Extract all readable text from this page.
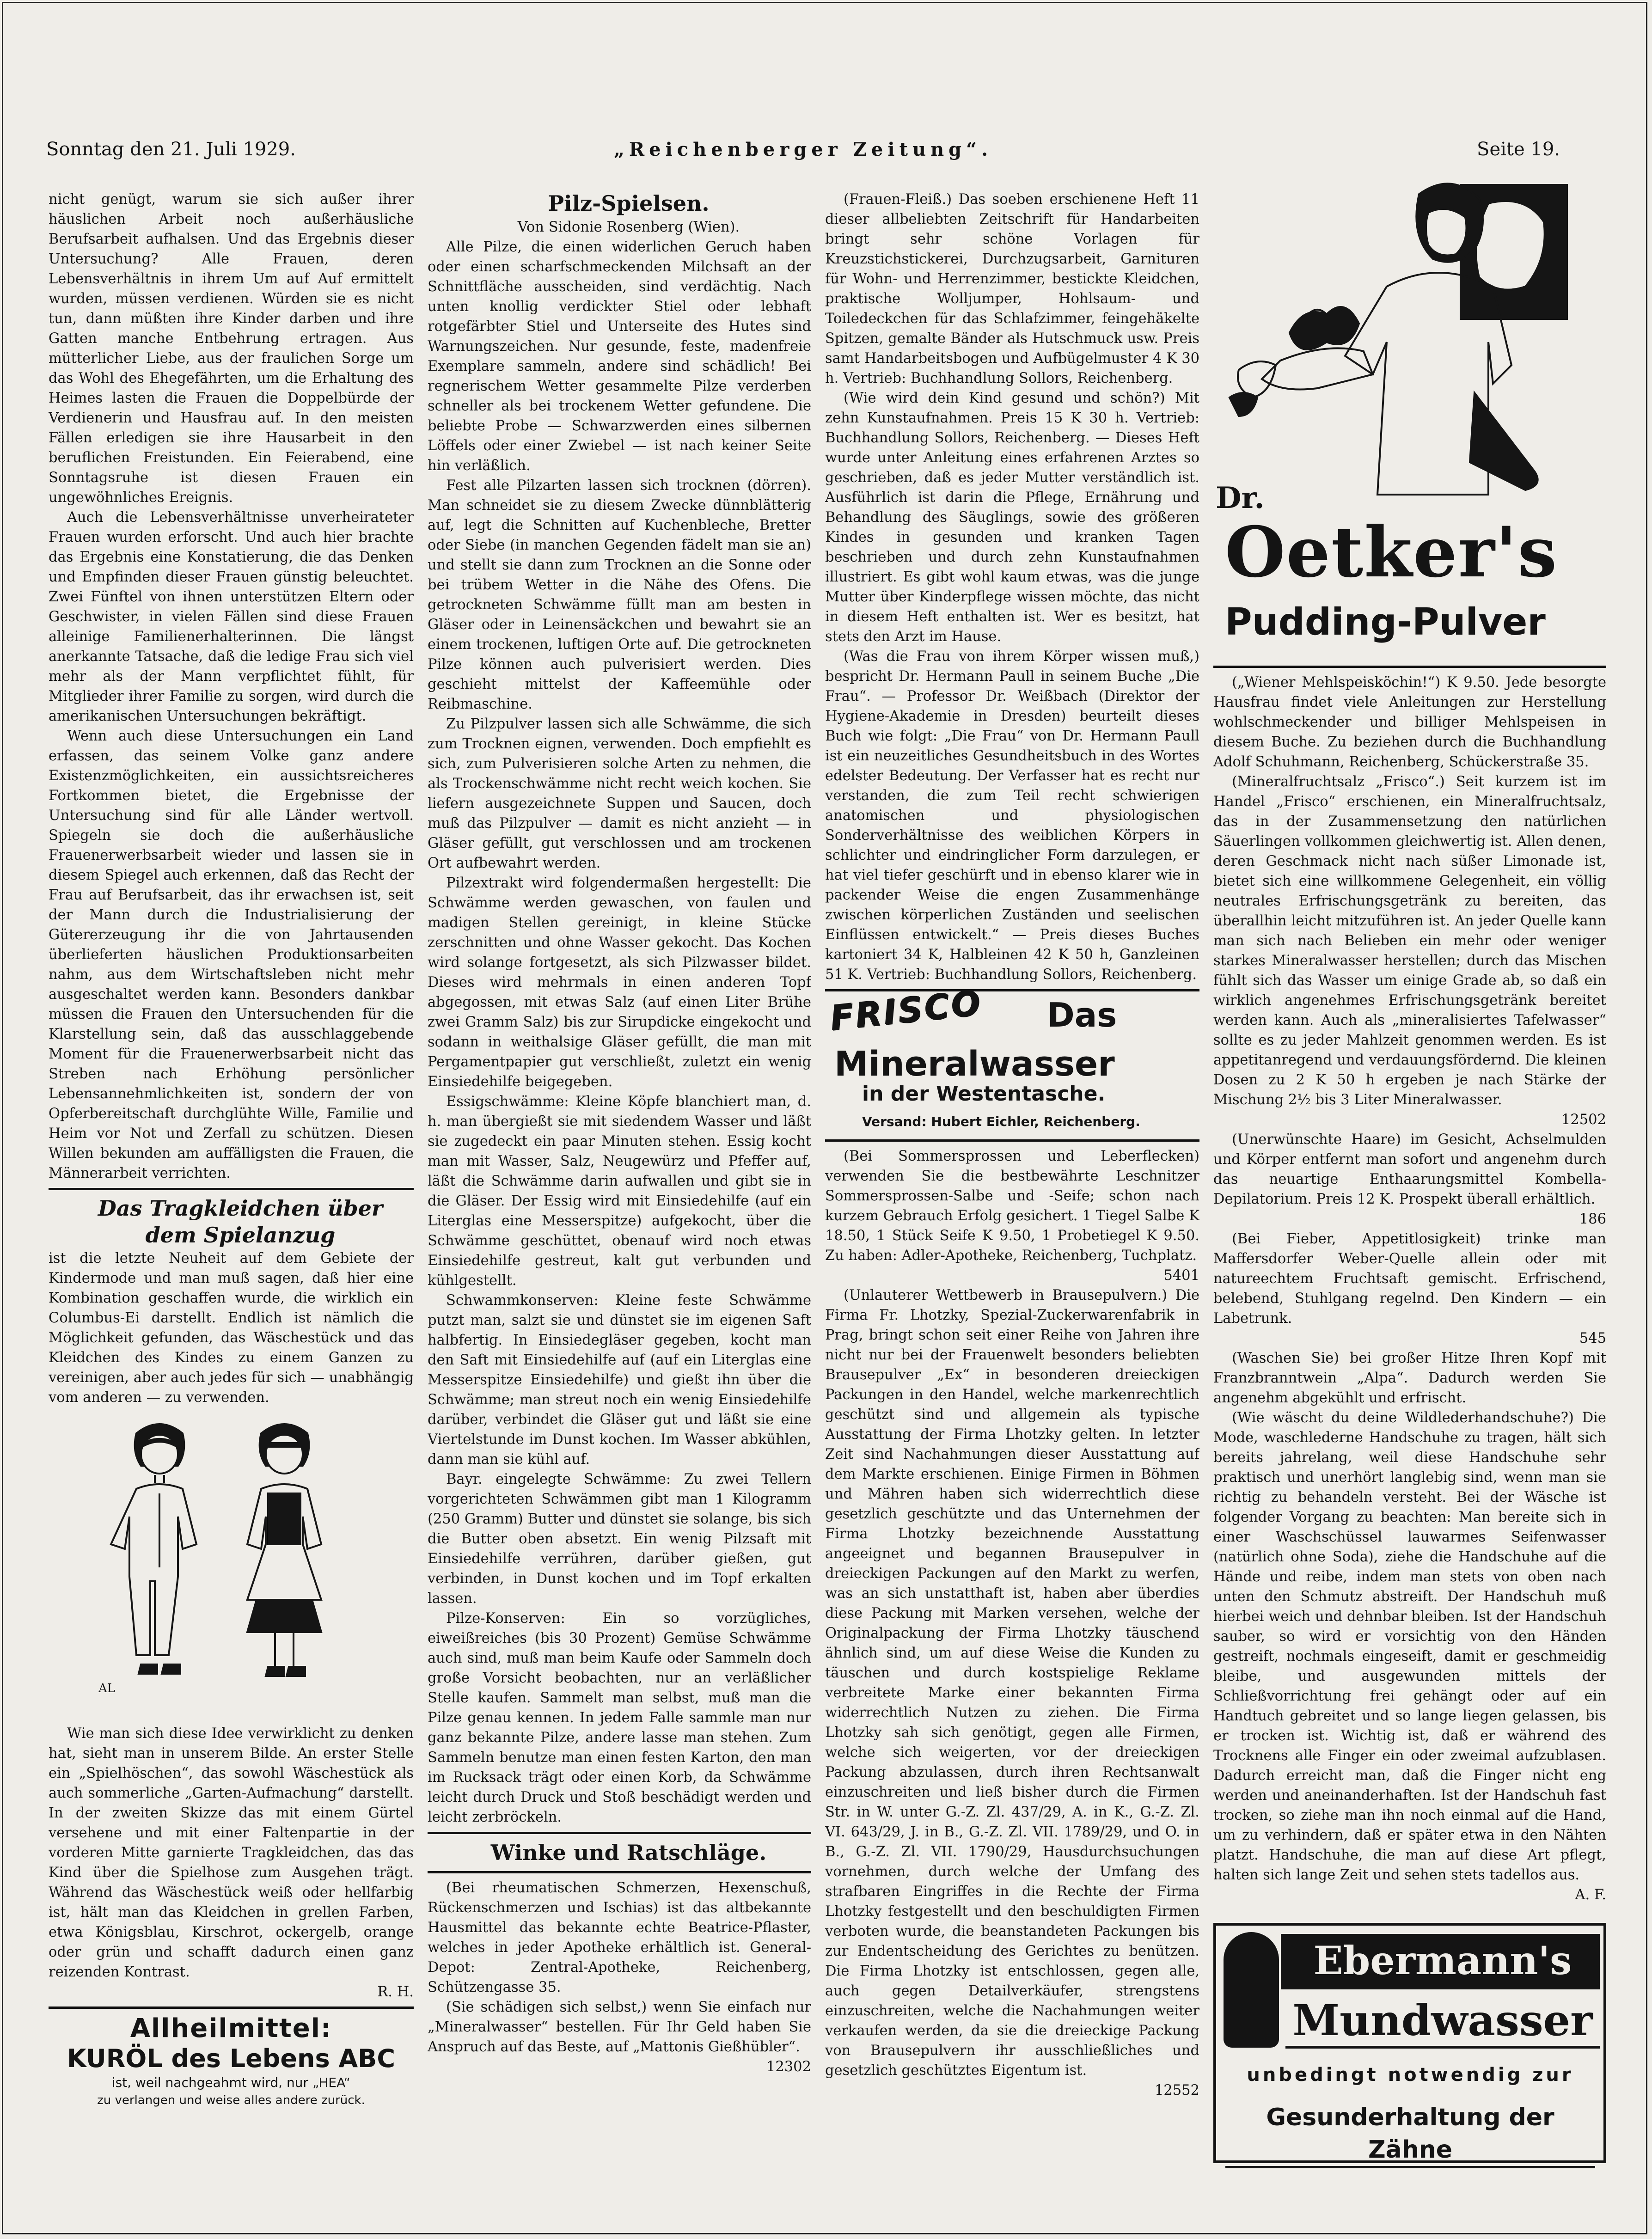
Sonntag den 21. Juli 1929.	„Reichenberger Zeitung“.	Seite 19.

nicht genügt, warum sie sich außer ihrer häuslichen Arbeit noch außerhäusliche Berufsarbeit aufhalsen. Und das Ergebnis dieser Untersuchung? Alle Frauen, deren Lebensverhältnis in ihrem Um auf Auf ermittelt wurden, müssen verdienen. Würden sie es nicht tun, dann müßten ihre Kinder darben und ihre Gatten manche Entbehrung ertragen. Aus mütterlicher Liebe, aus der fraulichen Sorge um das Wohl des Ehegefährten, um die Erhaltung des Heimes lasten die Frauen die Doppelbürde der Verdienerin und Hausfrau auf. In den meisten Fällen erledigen sie ihre Hausarbeit in den beruflichen Freistunden. Ein Feierabend, eine Sonntagsruhe ist diesen Frauen ein ungewöhnliches Ereignis.

Auch die Lebensverhältnisse unverheirateter Frauen wurden erforscht. Und auch hier brachte das Ergebnis eine Konstatierung, die das Denken und Empfinden dieser Frauen günstig beleuchtet. Zwei Fünftel von ihnen unterstützen Eltern oder Geschwister, in vielen Fällen sind diese Frauen alleinige Familienerhalterinnen. Die längst anerkannte Tatsache, daß die ledige Frau sich viel mehr als der Mann verpflichtet fühlt, für Mitglieder ihrer Familie zu sorgen, wird durch die amerikanischen Untersuchungen bekräftigt.

Wenn auch diese Untersuchungen ein Land erfassen, das seinem Volke ganz andere Existenzmöglichkeiten, ein aussichtsreicheres Fortkommen bietet, die Ergebnisse der Untersuchung sind für alle Länder wertvoll. Spiegeln sie doch die außerhäusliche Frauenerwerbsarbeit wieder und lassen sie in diesem Spiegel auch erkennen, daß das Recht der Frau auf Berufsarbeit, das ihr erwachsen ist, seit der Mann durch die Industrialisierung der Gütererzeugung ihr die von Jahrtausenden überlieferten häuslichen Produktionsarbeiten nahm, aus dem Wirtschaftsleben nicht mehr ausgeschaltet werden kann. Besonders dankbar müssen die Frauen den Untersuchenden für die Klarstellung sein, daß das ausschlaggebende Moment für die Frauenerwerbsarbeit nicht das Streben nach Erhöhung persönlicher Lebensannehmlichkeiten ist, sondern der von Opferbereitschaft durchglühte Wille, Familie und Heim vor Not und Zerfall zu schützen. Diesen Willen bekunden am auffälligsten die Frauen, die Männerarbeit verrichten.

Das Tragkleidchen über

dem Spielanzug

ist die letzte Neuheit auf dem Gebiete der Kindermode und man muß sagen, daß hier eine Kombination geschaffen wurde, die wirklich ein Columbus-Ei darstellt. Endlich ist nämlich die Möglichkeit gefunden, das Wäschestück und das Kleidchen des Kindes zu einem Ganzen zu vereinigen, aber auch jedes für sich — unabhängig vom anderen — zu verwenden.

AL

Wie man sich diese Idee verwirklicht zu denken hat, sieht man in unserem Bilde. An erster Stelle ein „Spielhöschen“, das sowohl Wäschestück als auch sommerliche „Garten-Aufmachung“ darstellt. In der zweiten Skizze das mit einem Gürtel versehene und mit einer Faltenpartie in der vorderen Mitte garnierte Tragkleidchen, das das Kind über die Spielhose zum Ausgehen trägt. Während das Wäschestück weiß oder hellfarbig ist, hält man das Kleidchen in grellen Farben, etwa Königsblau, Kirschrot, ockergelb, orange oder grün und schafft dadurch einen ganz reizenden Kontrast.

R. H.

Allheilmittel:
KURÖL des Lebens ABC
ist, weil nachgeahmt wird, nur „HEA“
zu verlangen und weise alles andere zurück.

Pilz-Spielsen.

Von Sidonie Rosenberg (Wien).

Alle Pilze, die einen widerlichen Geruch haben oder einen scharfschmeckenden Milchsaft an der Schnittfläche ausscheiden, sind verdächtig. Nach unten knollig verdickter Stiel oder lebhaft rotgefärbter Stiel und Unterseite des Hutes sind Warnungszeichen. Nur gesunde, feste, madenfreie Exemplare sammeln, andere sind schädlich! Bei regnerischem Wetter gesammelte Pilze verderben schneller als bei trockenem Wetter gefundene. Die beliebte Probe — Schwarzwerden eines silbernen Löffels oder einer Zwiebel — ist nach keiner Seite hin verläßlich.

Fest alle Pilzarten lassen sich trocknen (dörren). Man schneidet sie zu diesem Zwecke dünnblätterig auf, legt die Schnitten auf Kuchenbleche, Bretter oder Siebe (in manchen Gegenden fädelt man sie an) und stellt sie dann zum Trocknen an die Sonne oder bei trübem Wetter in die Nähe des Ofens. Die getrockneten Schwämme füllt man am besten in Gläser oder in Leinensäckchen und bewahrt sie an einem trockenen, luftigen Orte auf. Die getrockneten Pilze können auch pulverisiert werden. Dies geschieht mittelst der Kaffeemühle oder Reibmaschine.

Zu Pilzpulver lassen sich alle Schwämme, die sich zum Trocknen eignen, verwenden. Doch empfiehlt es sich, zum Pulverisieren solche Arten zu nehmen, die als Trockenschwämme nicht recht weich kochen. Sie liefern ausgezeichnete Suppen und Saucen, doch muß das Pilzpulver — damit es nicht anzieht — in Gläser gefüllt, gut verschlossen und am trockenen Ort aufbewahrt werden.

Pilzextrakt wird folgendermaßen hergestellt: Die Schwämme werden gewaschen, von faulen und madigen Stellen gereinigt, in kleine Stücke zerschnitten und ohne Wasser gekocht. Das Kochen wird solange fortgesetzt, als sich Pilzwasser bildet. Dieses wird mehrmals in einen anderen Topf abgegossen, mit etwas Salz (auf einen Liter Brühe zwei Gramm Salz) bis zur Sirupdicke eingekocht und sodann in weithalsige Gläser gefüllt, die man mit Pergamentpapier gut verschließt, zuletzt ein wenig Einsiedehilfe beigegeben.

Essigschwämme: Kleine Köpfe blanchiert man, d. h. man übergießt sie mit siedendem Wasser und läßt sie zugedeckt ein paar Minuten stehen. Essig kocht man mit Wasser, Salz, Neugewürz und Pfeffer auf, läßt die Schwämme darin aufwallen und gibt sie in die Gläser. Der Essig wird mit Einsiedehilfe (auf ein Literglas eine Messerspitze) aufgekocht, über die Schwämme geschüttet, obenauf wird noch etwas Einsiedehilfe gestreut, kalt gut verbunden und kühlgestellt.

Schwammkonserven: Kleine feste Schwämme putzt man, salzt sie und dünstet sie im eigenen Saft halbfertig. In Einsiedegläser gegeben, kocht man den Saft mit Einsiedehilfe auf (auf ein Literglas eine Messerspitze Einsiedehilfe) und gießt ihn über die Schwämme; man streut noch ein wenig Einsiedehilfe darüber, verbindet die Gläser gut und läßt sie eine Viertelstunde im Dunst kochen. Im Wasser abkühlen, dann man sie kühl auf.

Bayr. eingelegte Schwämme: Zu zwei Tellern vorgerichteten Schwämmen gibt man 1 Kilogramm (250 Gramm) Butter und dünstet sie solange, bis sich die Butter oben absetzt. Ein wenig Pilzsaft mit Einsiedehilfe verrühren, darüber gießen, gut verbinden, in Dunst kochen und im Topf erkalten lassen.

Pilze-Konserven: Ein so vorzügliches, eiweißreiches (bis 30 Prozent) Gemüse Schwämme auch sind, muß man beim Kaufe oder Sammeln doch große Vorsicht beobachten, nur an verläßlicher Stelle kaufen. Sammelt man selbst, muß man die Pilze genau kennen. In jedem Falle sammle man nur ganz bekannte Pilze, andere lasse man stehen. Zum Sammeln benutze man einen festen Karton, den man im Rucksack trägt oder einen Korb, da Schwämme leicht durch Druck und Stoß beschädigt werden und leicht zerbröckeln.

Winke und Ratschläge.

(Bei rheumatischen Schmerzen, Hexenschuß, Rückenschmerzen und Ischias) ist das altbekannte Hausmittel das bekannte echte Beatrice-Pflaster, welches in jeder Apotheke erhältlich ist. General-Depot: Zentral-Apotheke, Reichenberg, Schützengasse 35.

(Sie schädigen sich selbst,) wenn Sie einfach nur „Mineralwasser“ bestellen. Für Ihr Geld haben Sie Anspruch auf das Beste, auf „Mattonis Gießhübler“.

12302

(Frauen-Fleiß.) Das soeben erschienene Heft 11 dieser allbeliebten Zeitschrift für Handarbeiten bringt sehr schöne Vorlagen für Kreuzstichstickerei, Durchzugsarbeit, Garnituren für Wohn- und Herrenzimmer, bestickte Kleidchen, praktische Wolljumper, Hohlsaum- und Toiledeckchen für das Schlafzimmer, feingehäkelte Spitzen, gemalte Bänder als Hutschmuck usw. Preis samt Handarbeitsbogen und Aufbügelmuster 4 K 30 h. Vertrieb: Buchhandlung Sollors, Reichenberg.

(Wie wird dein Kind gesund und schön?) Mit zehn Kunstaufnahmen. Preis 15 K 30 h. Vertrieb: Buchhandlung Sollors, Reichenberg. — Dieses Heft wurde unter Anleitung eines erfahrenen Arztes so geschrieben, daß es jeder Mutter verständlich ist. Ausführlich ist darin die Pflege, Ernährung und Behandlung des Säuglings, sowie des größeren Kindes in gesunden und kranken Tagen beschrieben und durch zehn Kunstaufnahmen illustriert. Es gibt wohl kaum etwas, was die junge Mutter über Kinderpflege wissen möchte, das nicht in diesem Heft enthalten ist. Wer es besitzt, hat stets den Arzt im Hause.

(Was die Frau von ihrem Körper wissen muß,) bespricht Dr. Hermann Paull in seinem Buche „Die Frau“. — Professor Dr. Weißbach (Direktor der Hygiene-Akademie in Dresden) beurteilt dieses Buch wie folgt: „Die Frau“ von Dr. Hermann Paull ist ein neuzeitliches Gesundheitsbuch in des Wortes edelster Bedeutung. Der Verfasser hat es recht nur verstanden, die zum Teil recht schwierigen anatomischen und physiologischen Sonderverhältnisse des weiblichen Körpers in schlichter und eindringlicher Form darzulegen, er hat viel tiefer geschürft und in ebenso klarer wie in packender Weise die engen Zusammenhänge zwischen körperlichen Zuständen und seelischen Einflüssen entwickelt.“ — Preis dieses Buches kartoniert 34 K, Halbleinen 42 K 50 h, Ganzleinen 51 K. Vertrieb: Buchhandlung Sollors, Reichenberg.

FRISCO Das
Mineralwasser
in der Westentasche.
Versand: Hubert Eichler, Reichenberg.

(Bei Sommersprossen und Leberflecken) verwenden Sie die bestbewährte Leschnitzer Sommersprossen-Salbe und -Seife; schon nach kurzem Gebrauch Erfolg gesichert. 1 Tiegel Salbe K 18.50, 1 Stück Seife K 9.50, 1 Probetiegel K 9.50. Zu haben: Adler-Apotheke, Reichenberg, Tuchplatz.

5401

(Unlauterer Wettbewerb in Brausepulvern.) Die Firma Fr. Lhotzky, Spezial-Zuckerwarenfabrik in Prag, bringt schon seit einer Reihe von Jahren ihre nicht nur bei der Frauenwelt besonders beliebten Brausepulver „Ex“ in besonderen dreieckigen Packungen in den Handel, welche markenrechtlich geschützt sind und allgemein als typische Ausstattung der Firma Lhotzky gelten. In letzter Zeit sind Nachahmungen dieser Ausstattung auf dem Markte erschienen. Einige Firmen in Böhmen und Mähren haben sich widerrechtlich diese gesetzlich geschützte und das Unternehmen der Firma Lhotzky bezeichnende Ausstattung angeeignet und begannen Brausepulver in dreieckigen Packungen auf den Markt zu werfen, was an sich unstatthaft ist, haben aber überdies diese Packung mit Marken versehen, welche der Originalpackung der Firma Lhotzky täuschend ähnlich sind, um auf diese Weise die Kunden zu täuschen und durch kostspielige Reklame verbreitete Marke einer bekannten Firma widerrechtlich Nutzen zu ziehen. Die Firma Lhotzky sah sich genötigt, gegen alle Firmen, welche sich weigerten, vor der dreieckigen Packung abzulassen, durch ihren Rechtsanwalt einzuschreiten und ließ bisher durch die Firmen Str. in W. unter G.-Z. Zl. 437/29, A. in K., G.-Z. Zl. VI. 643/29, J. in B., G.-Z. Zl. VII. 1789/29, und O. in B., G.-Z. Zl. VII. 1790/29, Hausdurchsuchungen vornehmen, durch welche der Umfang des strafbaren Eingriffes in die Rechte der Firma Lhotzky festgestellt und den beschuldigten Firmen verboten wurde, die beanstandeten Packungen bis zur Endentscheidung des Gerichtes zu benützen. Die Firma Lhotzky ist entschlossen, gegen alle, auch gegen Detailverkäufer, strengstens einzuschreiten, welche die Nachahmungen weiter verkaufen werden, da sie die dreieckige Packung von Brausepulvern ihr ausschließliches und gesetzlich geschütztes Eigentum ist.

12552

Dr.
Oetker's
Pudding-Pulver

(„Wiener Mehlspeisköchin!“) K 9.50. Jede besorgte Hausfrau findet viele Anleitungen zur Herstellung wohlschmeckender und billiger Mehlspeisen in diesem Buche. Zu beziehen durch die Buchhandlung Adolf Schuhmann, Reichenberg, Schückerstraße 35.

(Mineralfruchtsalz „Frisco“.) Seit kurzem ist im Handel „Frisco“ erschienen, ein Mineralfruchtsalz, das in der Zusammensetzung den natürlichen Säuerlingen vollkommen gleichwertig ist. Allen denen, deren Geschmack nicht nach süßer Limonade ist, bietet sich eine willkommene Gelegenheit, ein völlig neutrales Erfrischungsgetränk zu bereiten, das überallhin leicht mitzuführen ist. An jeder Quelle kann man sich nach Belieben ein mehr oder weniger starkes Mineralwasser herstellen; durch das Mischen fühlt sich das Wasser um einige Grade ab, so daß ein wirklich angenehmes Erfrischungsgetränk bereitet werden kann. Auch als „mineralisiertes Tafelwasser“ sollte es zu jeder Mahlzeit genommen werden. Es ist appetitanregend und verdauungsfördernd. Die kleinen Dosen zu 2 K 50 h ergeben je nach Stärke der Mischung 2½ bis 3 Liter Mineralwasser.

12502

(Unerwünschte Haare) im Gesicht, Achselmulden und Körper entfernt man sofort und angenehm durch das neuartige Enthaarungsmittel Kombella-Depilatorium. Preis 12 K. Prospekt überall erhältlich.

186

(Bei Fieber, Appetitlosigkeit) trinke man Maffersdorfer Weber-Quelle allein oder mit natureechtem Fruchtsaft gemischt. Erfrischend, belebend, Stuhlgang regelnd. Den Kindern — ein Labetrunk.

545

(Waschen Sie) bei großer Hitze Ihren Kopf mit Franzbranntwein „Alpa“. Dadurch werden Sie angenehm abgekühlt und erfrischt.

(Wie wäscht du deine Wildlederhandschuhe?) Die Mode, waschlederne Handschuhe zu tragen, hält sich bereits jahrelang, weil diese Handschuhe sehr praktisch und unerhört langlebig sind, wenn man sie richtig zu behandeln versteht. Bei der Wäsche ist folgender Vorgang zu beachten: Man bereite sich in einer Waschschüssel lauwarmes Seifenwasser (natürlich ohne Soda), ziehe die Handschuhe auf die Hände und reibe, indem man stets von oben nach unten den Schmutz abstreift. Der Handschuh muß hierbei weich und dehnbar bleiben. Ist der Handschuh sauber, so wird er vorsichtig von den Händen gestreift, nochmals eingeseift, damit er geschmeidig bleibe, und ausgewunden mittels der Schließvorrichtung frei gehängt oder auf ein Handtuch gebreitet und so lange liegen gelassen, bis er trocken ist. Wichtig ist, daß er während des Trocknens alle Finger ein oder zweimal aufzublasen. Dadurch erreicht man, daß die Finger nicht eng werden und aneinanderhaften. Ist der Handschuh fast trocken, so ziehe man ihn noch einmal auf die Hand, um zu verhindern, daß er später etwa in den Nähten platzt. Handschuhe, die man auf diese Art pflegt, halten sich lange Zeit und sehen stets tadellos aus.

A. F.

Ebermann's
Mundwasser
unbedingt notwendig zur
Gesunderhaltung der Zähne
